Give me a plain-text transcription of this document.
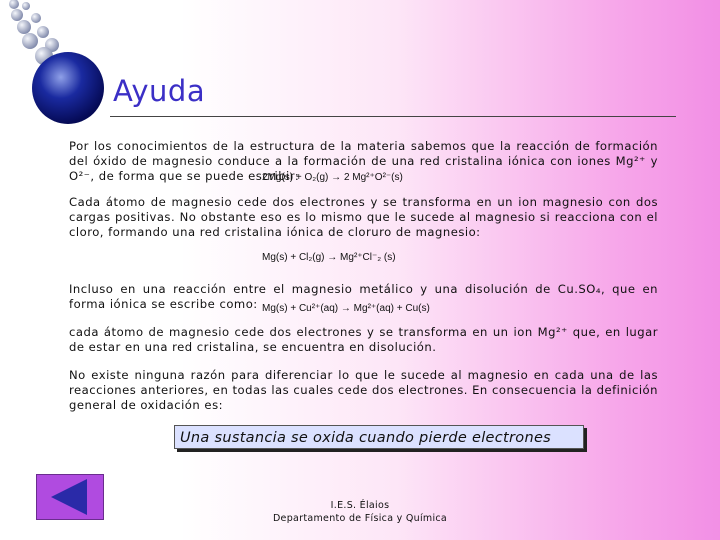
Ayuda
Por los conocimientos de la estructura de la materia sabemos que la reacción de formación del óxido de magnesio conduce a la formación de una red cristalina iónica con iones Mg²⁺ y O²⁻, de forma que se puede escribir:
2Mg(s) + O₂(g) → 2 Mg²⁺O²⁻(s)
Cada átomo de magnesio cede dos electrones y se transforma en un ion magnesio con dos cargas positivas. No obstante eso es lo mismo que le sucede al magnesio si reacciona con el cloro, formando una red cristalina iónica de cloruro de magnesio:
Mg(s) + Cl₂(g) → Mg²⁺Cl⁻₂ (s)
Incluso en una reacción entre el magnesio metálico y una disolución de Cu.SO₄, que en forma iónica se escribe como: Mg(s) + Cu²⁺(aq) → Mg²⁺(aq) + Cu(s)
cada átomo de magnesio cede dos electrones y se transforma en un ion Mg²⁺ que, en lugar de estar en una red cristalina, se encuentra en disolución.
No existe ninguna razón para diferenciar lo que le sucede al magnesio en cada una de las reacciones anteriores, en todas las cuales cede dos electrones. En consecuencia la definición general de oxidación es:
Una sustancia se oxida cuando pierde electrones
I.E.S. Élaios
Departamento de Física y Química
